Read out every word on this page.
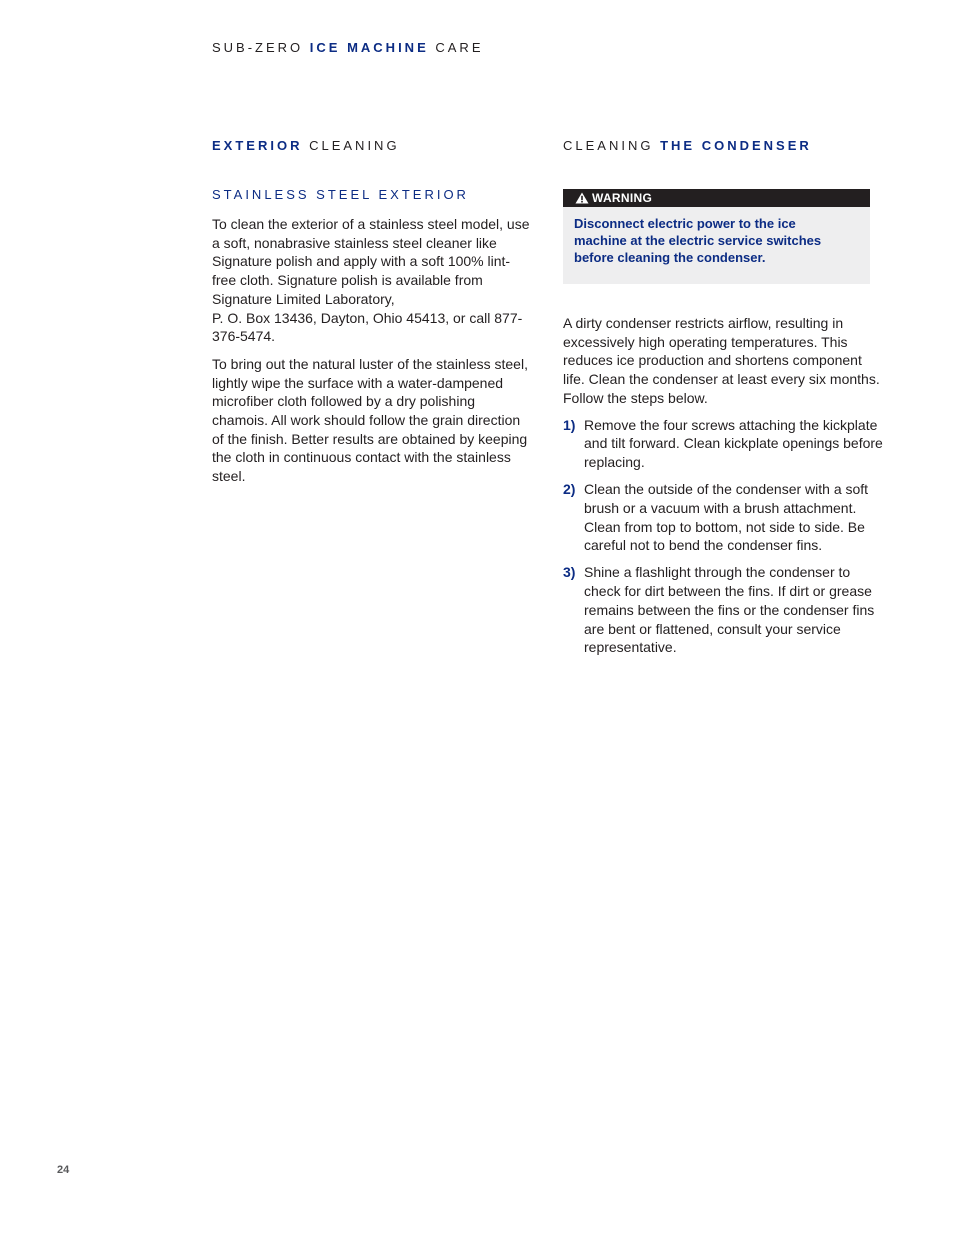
SUB-ZERO ICE MACHINE CARE
EXTERIOR CLEANING
STAINLESS STEEL EXTERIOR

To clean the exterior of a stainless steel model, use a soft, nonabrasive stainless steel cleaner like Signature polish and apply with a soft 100% lint-free cloth. Signature polish is available from Signature Limited Laboratory,
P. O. Box 13436, Dayton, Ohio 45413, or call 877-376-5474.

To bring out the natural luster of the stainless steel, lightly wipe the surface with a water-dampened microfiber cloth followed by a dry polishing chamois. All work should follow the grain direction of the finish. Better results are obtained by keeping the cloth in continuous contact with the stainless steel.

CLEANING THE CONDENSER
WARNING

Disconnect electric power to the ice
machine at the electric service switches
before cleaning the condenser.

A dirty condenser restricts airflow, resulting in excessively high operating temperatures. This reduces ice production and shortens component life. Clean the condenser at least every six months. Follow the steps below.

1) Remove the four screws attaching the kickplate and tilt forward. Clean kickplate openings before replacing.
2) Clean the outside of the condenser with a soft brush or a vacuum with a brush attachment. Clean from top to bottom, not side to side. Be careful not to bend the condenser fins.
3) Shine a flashlight through the condenser to check for dirt between the fins. If dirt or grease remains between the fins or the condenser fins are bent or flattened, consult your service representative.
24
